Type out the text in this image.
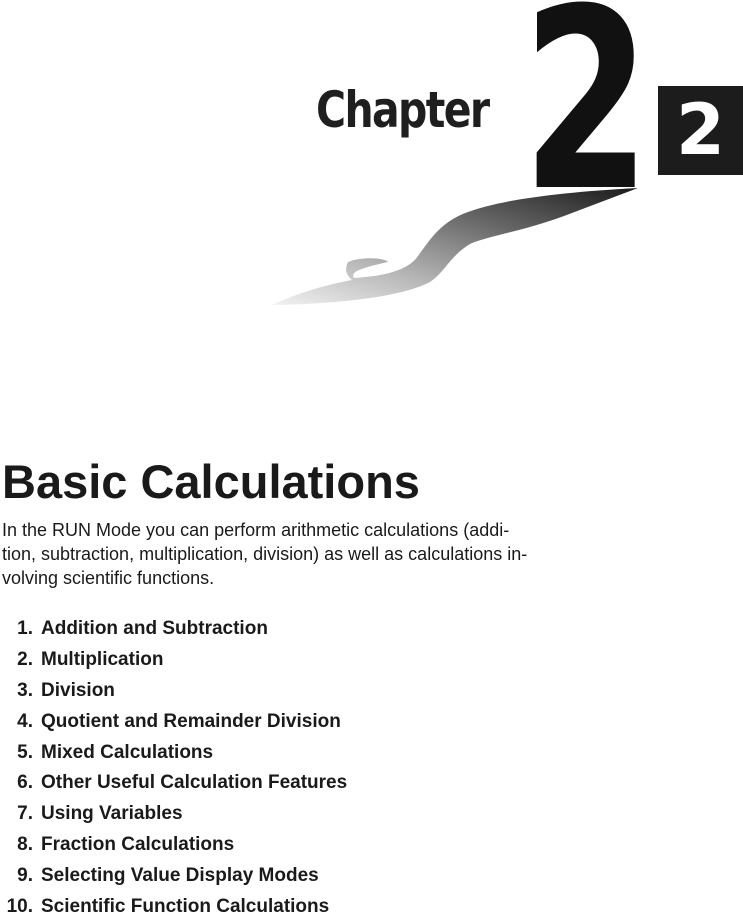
Chapter 2 2
Basic Calculations

In the RUN Mode you can perform arithmetic calculations (addi-
tion, subtraction, multiplication, division) as well as calculations in-
volving scientific functions.

1. Addition and Subtraction
2. Multiplication
3. Division
4. Quotient and Remainder Division
5. Mixed Calculations
6. Other Useful Calculation Features
7. Using Variables
8. Fraction Calculations
9. Selecting Value Display Modes
10. Scientific Function Calculations
